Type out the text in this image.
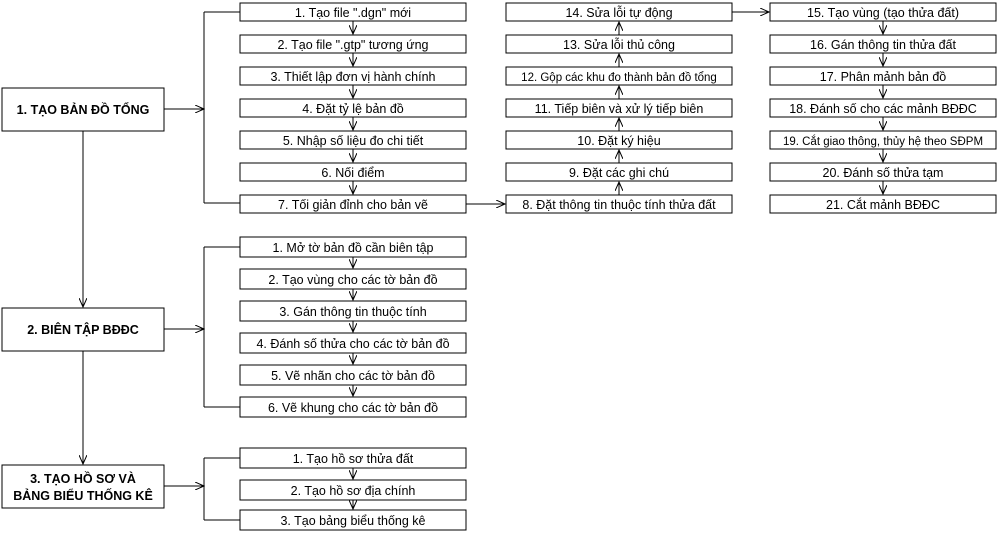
1. TẠO BẢN ĐỒ TỔNG
2. BIÊN TẬP BĐĐC
3. TẠO HỒ SƠ VÀ
BẢNG BIỂU THỐNG KÊ
1. Tạo file ".dgn" mới
2. Tạo file ".gtp" tương ứng
3. Thiết lập đơn vị hành chính
4. Đặt tỷ lệ bản đồ
5. Nhập số liệu đo chi tiết
6. Nối điểm
7. Tối giản đỉnh cho bản vẽ	8. Đặt thông tin thuộc tính thửa đất
9. Đặt các ghi chú
10. Đặt ký hiệu
11. Tiếp biên và xử lý tiếp biên
12. Gộp các khu đo thành bản đồ tổng
13. Sửa lỗi thủ công
14. Sửa lỗi tự động	15. Tạo vùng (tạo thửa đất)
16. Gán thông tin thửa đất
17. Phân mảnh bản đồ
18. Đánh số cho các mảnh BĐĐC
19. Cắt giao thông, thủy hệ theo SĐPM
20. Đánh số thửa tạm
21. Cắt mảnh BĐĐC
1. Mở tờ bản đồ cần biên tập
2. Tạo vùng cho các tờ bản đồ
3. Gán thông tin thuộc tính
4. Đánh số thửa cho các tờ bản đồ
5. Vẽ nhãn cho các tờ bản đồ
6. Vẽ khung cho các tờ bản đồ
1. Tạo hồ sơ thửa đất
2. Tạo hồ sơ địa chính
3. Tạo bảng biểu thống kê
